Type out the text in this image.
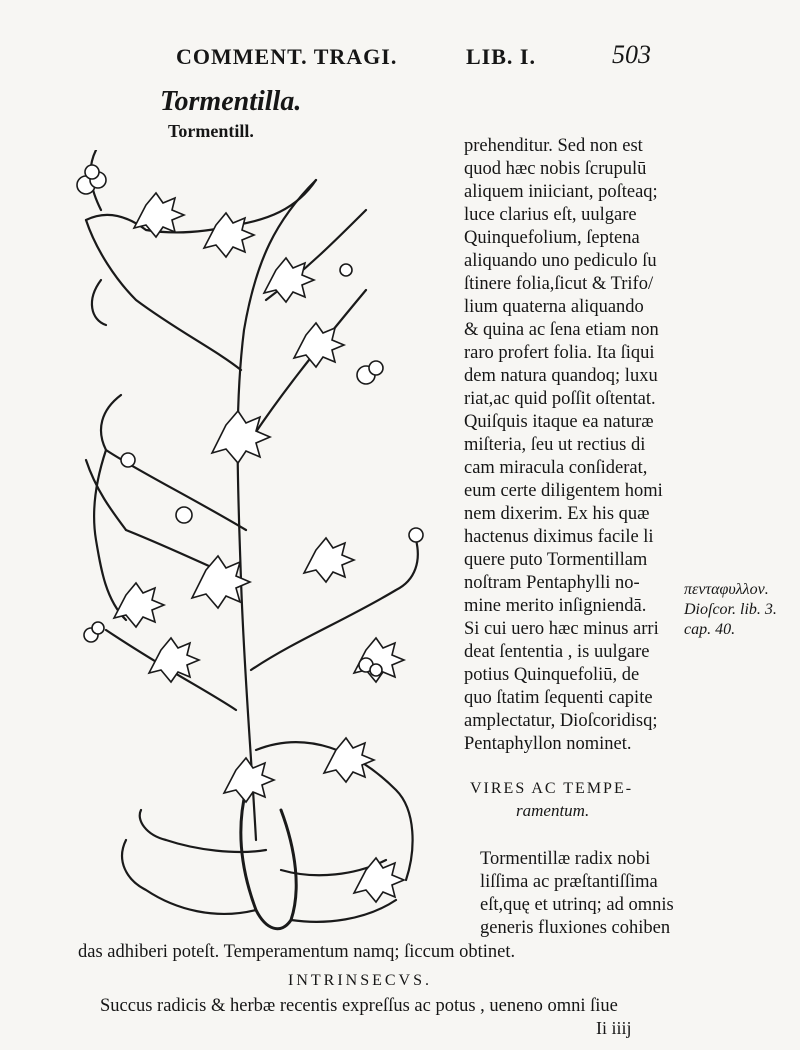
COMMENT. TRAGI.	LIB. I.	503
Tormentilla.
Tormentill.
prehenditur. Sed non est
quod hæc nobis ſcrupulū
aliquem iniiciant, poſteaq;
luce clarius eſt, uulgare
Quinquefolium, ſeptena
aliquando uno pediculo ſu
ſtinere folia,ſicut & Trifo/
lium quaterna aliquando
& quina ac ſena etiam non
raro profert folia. Ita ſiqui
dem natura quandoq; luxu
riat,ac quid poſſit oſtentat.
Quiſquis itaque ea naturæ
miſteria, ſeu ut rectius di
cam miracula conſiderat,
eum certe diligentem homi
nem dixerim. Ex his quæ
hactenus diximus facile li
quere puto Tormentillam
noſtram Pentaphylli no-
mine merito inſigniendā.
Si cui uero hæc minus arri
deat ſententia , is uulgare
potius Quinquefoliū, de
quo ſtatim ſequenti capite
amplectatur, Dioſcoridisq;
Pentaphyllon nominet.
πενταφυλλον.
Dioſcor. lib. 3.
cap. 40.
VIRES AC TEMPE-
ramentum.
Tormentillæ radix nobi
liſſima ac præſtantiſſima
eſt,quę et utrinq; ad omnis
generis fluxiones cohiben
das adhiberi poteſt. Temperamentum namq; ſiccum obtinet.
INTRINSECVS.
Succus radicis & herbæ recentis expreſſus ac potus , ueneno omni ſiue
Ii iiij
